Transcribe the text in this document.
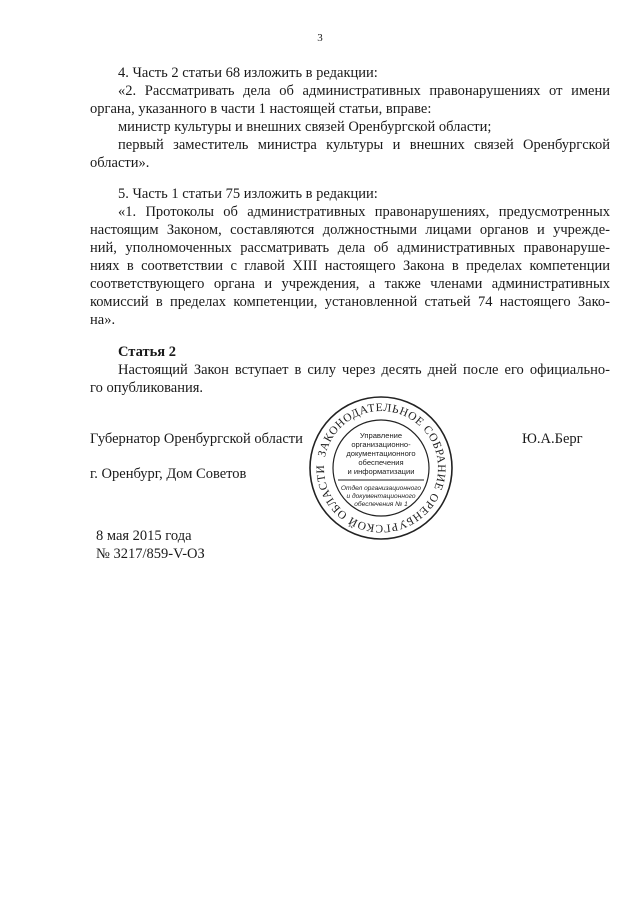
3
4. Часть 2 статьи 68 изложить в редакции:
«2. Рассматривать дела об административных правонарушениях от имени
органа, указанного в части 1 настоящей статьи, вправе:
министр культуры и внешних связей Оренбургской области;
первый заместитель министра культуры и внешних связей Оренбургской
области».
5. Часть 1 статьи 75 изложить в редакции:
«1. Протоколы об административных правонарушениях, предусмотренных
настоящим Законом, составляются должностными лицами органов и учрежде-
ний, уполномоченных рассматривать дела об административных правонаруше-
ниях в соответствии с главой XIII настоящего Закона в пределах компетенции
соответствующего органа и учреждения, а также членами административных
комиссий в пределах компетенции, установленной статьей 74 настоящего Зако-
на».
Статья 2
Настоящий Закон вступает в силу через десять дней после его официально-
го опубликования.
Губернатор Оренбургской области	Ю.А.Берг
г. Оренбург, Дом Советов
8 мая 2015 года
№ 3217/859-V-ОЗ
ЗАКОНОДАТЕЛЬНОЕ СОБРАНИЕ ОРЕНБУРГСКОЙ ОБЛАСТИ
Управление
организационно-
документационного
обеспечения
и информатизации
Отдел организационного
и документационного
обеспечения № 1
